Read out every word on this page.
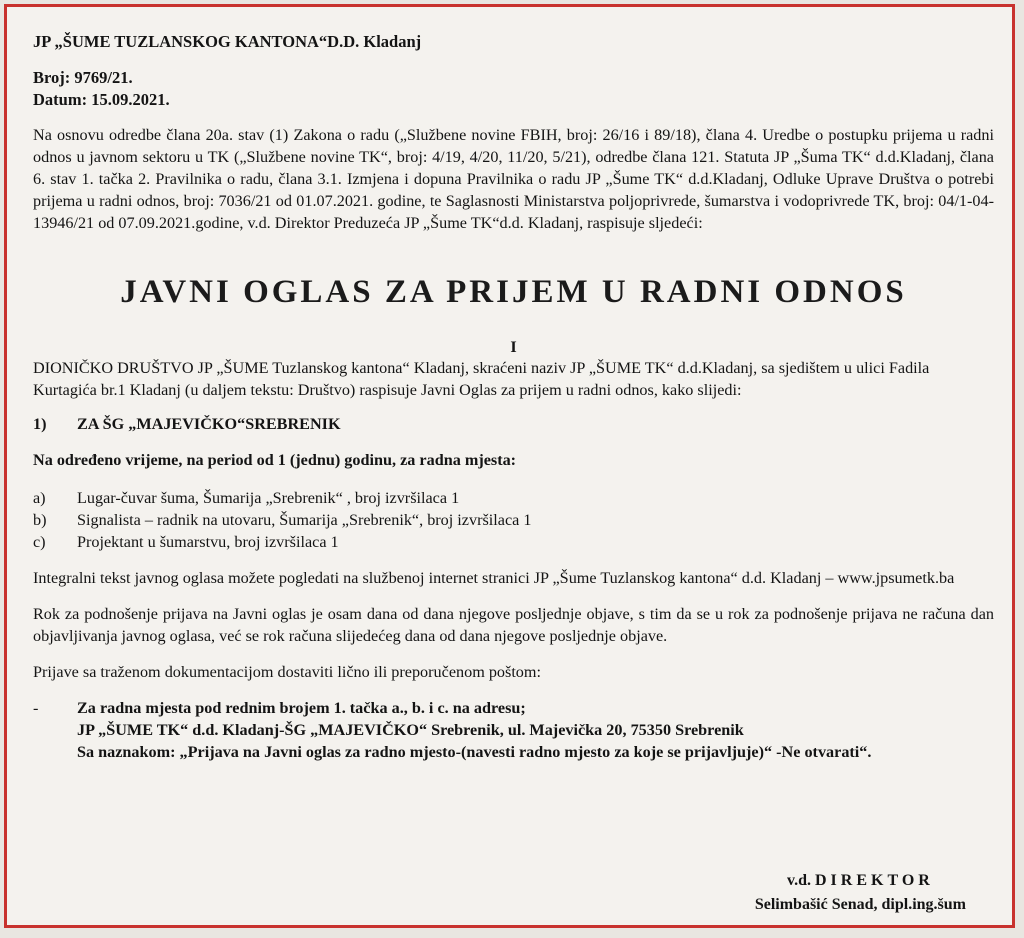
JP „ŠUME TUZLANSKOG KANTONA“D.D. Kladanj
Broj: 9769/21.
Datum: 15.09.2021.

Na osnovu odredbe člana 20a. stav (1) Zakona o radu („Službene novine FBIH, broj: 26/16 i 89/18), člana 4. Uredbe o postupku prijema u radni odnos u javnom sektoru u TK („Službene novine TK“, broj: 4/19, 4/20, 11/20, 5/21), odredbe člana 121. Statuta JP „Šuma TK“ d.d.Kladanj, člana 6. stav 1. tačka 2. Pravilnika o radu, člana 3.1. Izmjena i dopuna Pravilnika o radu JP „Šume TK“ d.d.Kladanj, Odluke Uprave Društva o potrebi prijema u radni odnos, broj: 7036/21 od 01.07.2021. godine, te Saglasnosti Ministarstva poljoprivrede, šumarstva i vodoprivrede TK, broj: 04/1-04-13946/21 od 07.09.2021.godine, v.d. Direktor Preduzeća JP „Šume TK“d.d. Kladanj, raspisuje sljedeći:

JAVNI OGLAS ZA PRIJEM U RADNI ODNOS
I

DIONIČKO DRUŠTVO JP „ŠUME Tuzlanskog kantona“ Kladanj, skraćeni naziv JP „ŠUME TK“ d.d.Kladanj, sa sjedištem u ulici Fadila Kurtagića br.1 Kladanj (u daljem tekstu: Društvo) raspisuje Javni Oglas za prijem u radni odnos, kako slijedi:

1)	ZA ŠG „MAJEVIČKO“SREBRENIK
Na određeno vrijeme, na period od 1 (jednu) godinu, za radna mjesta:
a)	Lugar-čuvar šuma, Šumarija „Srebrenik“ , broj izvršilaca 1
b)	Signalista – radnik na utovaru, Šumarija „Srebrenik“, broj izvršilaca 1
c)	Projektant u šumarstvu, broj izvršilaca 1

Integralni tekst javnog oglasa možete pogledati na službenoj internet stranici JP „Šume Tuzlanskog kantona“ d.d. Kladanj – www.jpsumetk.ba

Rok za podnošenje prijava na Javni oglas je osam dana od dana njegove posljednje objave, s tim da se u rok za podnošenje prijava ne računa dan objavljivanja javnog oglasa, već se rok računa slijedećeg dana od dana njegove posljednje objave.

Prijave sa traženom dokumentacijom dostaviti lično ili preporučenom poštom:

-	Za radna mjesta pod rednim brojem 1. tačka a., b. i c. na adresu;
JP „ŠUME TK“ d.d. Kladanj-ŠG „MAJEVIČKO“ Srebrenik, ul. Majevička 20, 75350 Srebrenik
Sa naznakom: „Prijava na Javni oglas za radno mjesto-(navesti radno mjesto za koje se prijavljuje)“ -Ne otvarati“.
v.d. DIREKTOR
Selimbašić Senad, dipl.ing.šum
